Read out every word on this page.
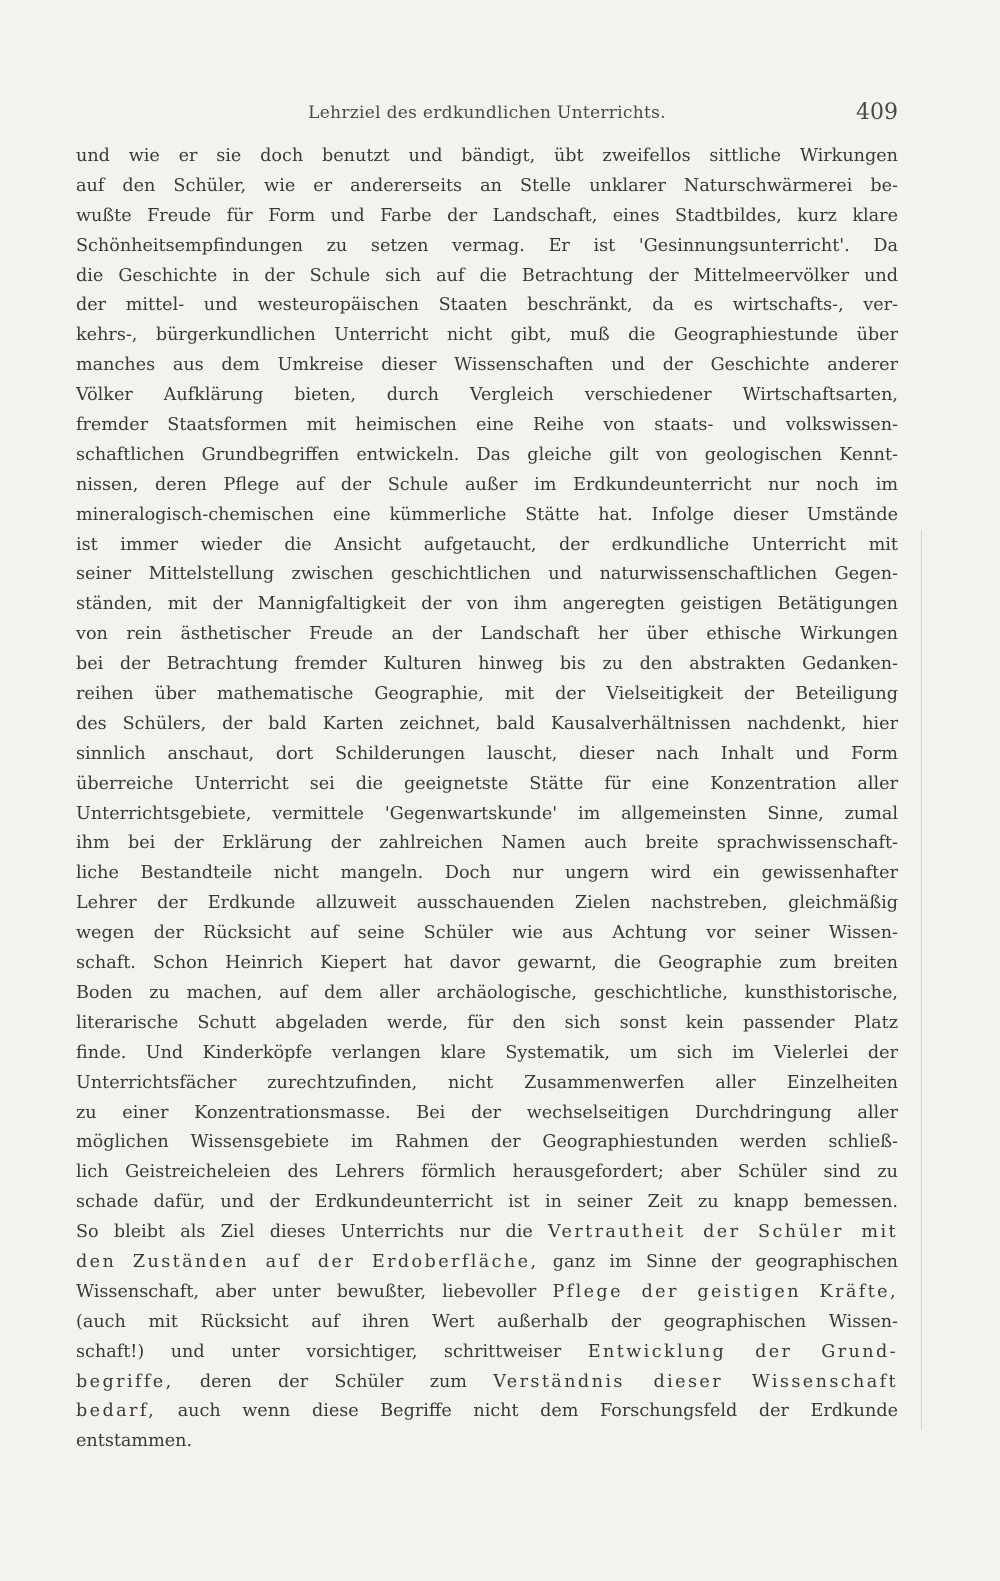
Lehrziel des erdkundlichen Unterrichts.	409
und wie er sie doch benutzt und bändigt, übt zweifellos sittliche Wirkungen
auf den Schüler, wie er andererseits an Stelle unklarer Naturschwärmerei be-
wußte Freude für Form und Farbe der Landschaft, eines Stadtbildes, kurz klare
Schönheitsempfindungen zu setzen vermag. Er ist 'Gesinnungsunterricht'. Da
die Geschichte in der Schule sich auf die Betrachtung der Mittelmeervölker und
der mittel- und westeuropäischen Staaten beschränkt, da es wirtschafts-, ver-
kehrs-, bürgerkundlichen Unterricht nicht gibt, muß die Geographiestunde über
manches aus dem Umkreise dieser Wissenschaften und der Geschichte anderer
Völker Aufklärung bieten, durch Vergleich verschiedener Wirtschaftsarten,
fremder Staatsformen mit heimischen eine Reihe von staats- und volkswissen-
schaftlichen Grundbegriffen entwickeln. Das gleiche gilt von geologischen Kennt-
nissen, deren Pflege auf der Schule außer im Erdkundeunterricht nur noch im
mineralogisch-chemischen eine kümmerliche Stätte hat. Infolge dieser Umstände
ist immer wieder die Ansicht aufgetaucht, der erdkundliche Unterricht mit
seiner Mittelstellung zwischen geschichtlichen und naturwissenschaftlichen Gegen-
ständen, mit der Mannigfaltigkeit der von ihm angeregten geistigen Betätigungen
von rein ästhetischer Freude an der Landschaft her über ethische Wirkungen
bei der Betrachtung fremder Kulturen hinweg bis zu den abstrakten Gedanken-
reihen über mathematische Geographie, mit der Vielseitigkeit der Beteiligung
des Schülers, der bald Karten zeichnet, bald Kausalverhältnissen nachdenkt, hier
sinnlich anschaut, dort Schilderungen lauscht, dieser nach Inhalt und Form
überreiche Unterricht sei die geeignetste Stätte für eine Konzentration aller
Unterrichtsgebiete, vermittele 'Gegenwartskunde' im allgemeinsten Sinne, zumal
ihm bei der Erklärung der zahlreichen Namen auch breite sprachwissenschaft-
liche Bestandteile nicht mangeln. Doch nur ungern wird ein gewissenhafter
Lehrer der Erdkunde allzuweit ausschauenden Zielen nachstreben, gleichmäßig
wegen der Rücksicht auf seine Schüler wie aus Achtung vor seiner Wissen-
schaft. Schon Heinrich Kiepert hat davor gewarnt, die Geographie zum breiten
Boden zu machen, auf dem aller archäologische, geschichtliche, kunsthistorische,
literarische Schutt abgeladen werde, für den sich sonst kein passender Platz
finde. Und Kinderköpfe verlangen klare Systematik, um sich im Vielerlei der
Unterrichtsfächer zurechtzufinden, nicht Zusammenwerfen aller Einzelheiten
zu einer Konzentrationsmasse. Bei der wechselseitigen Durchdringung aller
möglichen Wissensgebiete im Rahmen der Geographiestunden werden schließ-
lich Geistreicheleien des Lehrers förmlich herausgefordert; aber Schüler sind zu
schade dafür, und der Erdkundeunterricht ist in seiner Zeit zu knapp bemessen.
So bleibt als Ziel dieses Unterrichts nur die Vertrautheit der Schüler mit
den Zuständen auf der Erdoberfläche, ganz im Sinne der geographischen
Wissenschaft, aber unter bewußter, liebevoller Pflege der geistigen Kräfte,
(auch mit Rücksicht auf ihren Wert außerhalb der geographischen Wissen-
schaft!) und unter vorsichtiger, schrittweiser Entwicklung der Grund-
begriffe, deren der Schüler zum Verständnis dieser Wissenschaft
bedarf, auch wenn diese Begriffe nicht dem Forschungsfeld der Erdkunde
entstammen.
